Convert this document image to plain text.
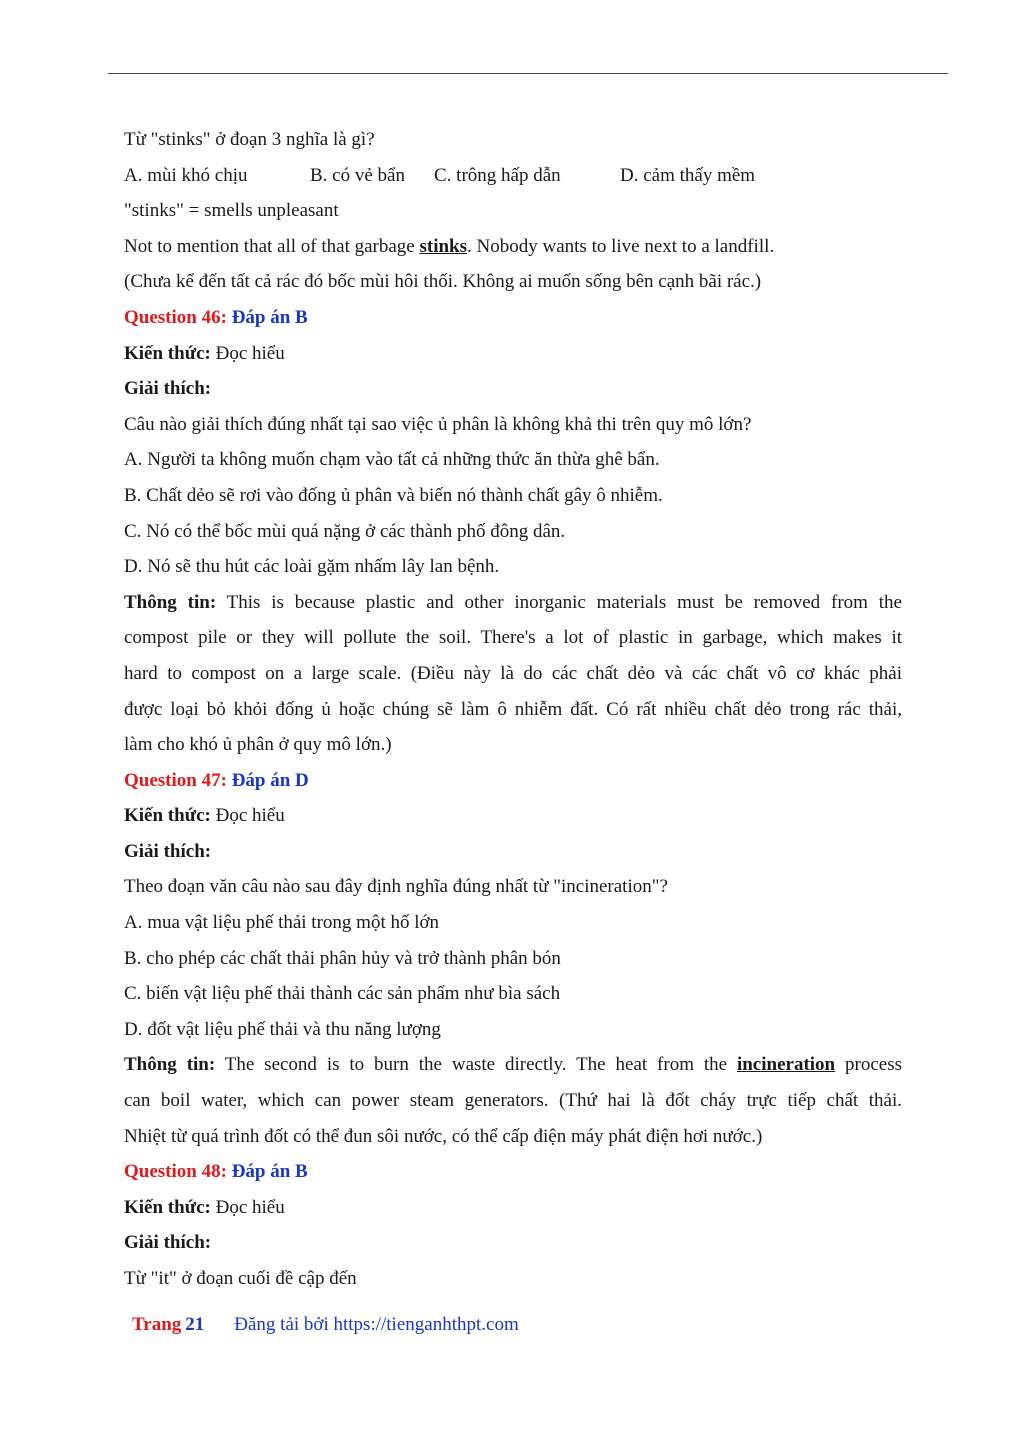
Từ "stinks" ở đoạn 3 nghĩa là gì?
A. mùi khó chịu	B. có vẻ bẩn C. trông hấp dẫn	D. cảm thấy mềm
"stinks" = smells unpleasant
Not to mention that all of that garbage stinks. Nobody wants to live next to a landfill.
(Chưa kể đến tất cả rác đó bốc mùi hôi thối. Không ai muốn sống bên cạnh bãi rác.)
Question 46: Đáp án B
Kiến thức: Đọc hiểu
Giải thích:
Câu nào giải thích đúng nhất tại sao việc ủ phân là không khả thi trên quy mô lớn?
A. Người ta không muốn chạm vào tất cả những thức ăn thừa ghê bẩn.
B. Chất dẻo sẽ rơi vào đống ủ phân và biến nó thành chất gây ô nhiễm.
C. Nó có thể bốc mùi quá nặng ở các thành phố đông dân.
D. Nó sẽ thu hút các loài gặm nhấm lây lan bệnh.
Thông tin: This is because plastic and other inorganic materials must be removed from the
compost pile or they will pollute the soil. There's a lot of plastic in garbage, which makes it
hard to compost on a large scale. (Điều này là do các chất dẻo và các chất vô cơ khác phải
được loại bỏ khỏi đống ủ hoặc chúng sẽ làm ô nhiễm đất. Có rất nhiều chất dẻo trong rác thải,
làm cho khó ủ phân ở quy mô lớn.)
Question 47: Đáp án D
Kiến thức: Đọc hiểu
Giải thích:
Theo đoạn văn câu nào sau đây định nghĩa đúng nhất từ "incineration"?
A. mua vật liệu phế thải trong một hố lớn
B. cho phép các chất thải phân hủy và trở thành phân bón
C. biến vật liệu phế thải thành các sản phẩm như bìa sách
D. đốt vật liệu phế thải và thu năng lượng
Thông tin: The second is to burn the waste directly. The heat from the incineration process
can boil water, which can power steam generators. (Thứ hai là đốt cháy trực tiếp chất thải.
Nhiệt từ quá trình đốt có thể đun sôi nước, có thể cấp điện máy phát điện hơi nước.)
Question 48: Đáp án B
Kiến thức: Đọc hiểu
Giải thích:
Từ "it" ở đoạn cuối đề cập đến
Trang 21 Đăng tải bởi https://tienganhthpt.com
